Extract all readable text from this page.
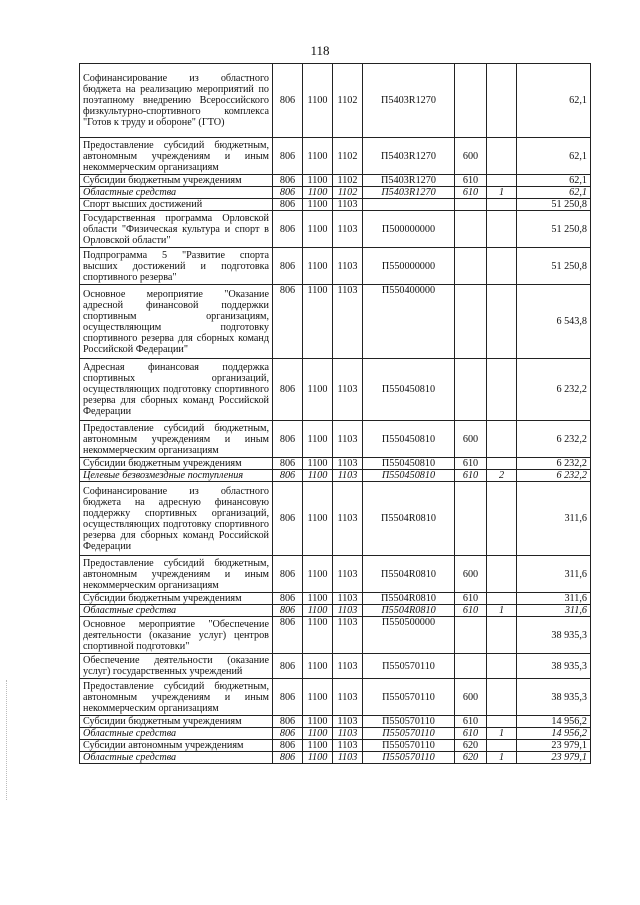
118
Софинансирование из областного бюджета на реализацию мероприятий по поэтапному внедрению Всероссийского физкультурно-спортивного комплекса "Готов к труду и обороне" (ГТО)	806	1100	1102	П5403R1270			62,1
Предоставление субсидий бюджетным, автономным учреждениям и иным некоммерческим организациям	806	1100	1102	П5403R1270	600		62,1
Субсидии бюджетным учреждениям	806	1100	1102	П5403R1270	610		62,1
Областные средства	806	1100	1102	П5403R1270	610	1	62,1
Спорт высших достижений	806	1100	1103				51 250,8
Государственная программа Орловской области "Физическая культура и спорт в Орловской области"	806	1100	1103	П500000000			51 250,8
Подпрограмма 5 "Развитие спорта высших достижений и подготовка спортивного резерва"	806	1100	1103	П550000000			51 250,8
Основное мероприятие "Оказание адресной финансовой поддержки спортивным организациям, осуществляющим подготовку спортивного резерва для сборных команд Российской Федерации"	806	1100	1103	П550400000			6 543,8
Адресная финансовая поддержка спортивных организаций, осуществляющих подготовку спортивного резерва для сборных команд Российской Федерации	806	1100	1103	П550450810			6 232,2
Предоставление субсидий бюджетным, автономным учреждениям и иным некоммерческим организациям	806	1100	1103	П550450810	600		6 232,2
Субсидии бюджетным учреждениям	806	1100	1103	П550450810	610		6 232,2
Целевые безвозмездные поступления	806	1100	1103	П550450810	610	2	6 232,2
Софинансирование из областного бюджета на адресную финансовую поддержку спортивных организаций, осуществляющих подготовку спортивного резерва для сборных команд Российской Федерации	806	1100	1103	П5504R0810			311,6
Предоставление субсидий бюджетным, автономным учреждениям и иным некоммерческим организациям	806	1100	1103	П5504R0810	600		311,6
Субсидии бюджетным учреждениям	806	1100	1103	П5504R0810	610		311,6
Областные средства	806	1100	1103	П5504R0810	610	1	311,6
Основное мероприятие "Обеспечение деятельности (оказание услуг) центров спортивной подготовки"	806	1100	1103	П550500000			38 935,3
Обеспечение деятельности (оказание услуг) государственных учреждений	806	1100	1103	П550570110			38 935,3
Предоставление субсидий бюджетным, автономным учреждениям и иным некоммерческим организациям	806	1100	1103	П550570110	600		38 935,3
Субсидии бюджетным учреждениям	806	1100	1103	П550570110	610		14 956,2
Областные средства	806	1100	1103	П550570110	610	1	14 956,2
Субсидии автономным учреждениям	806	1100	1103	П550570110	620		23 979,1
Областные средства	806	1100	1103	П550570110	620	1	23 979,1
